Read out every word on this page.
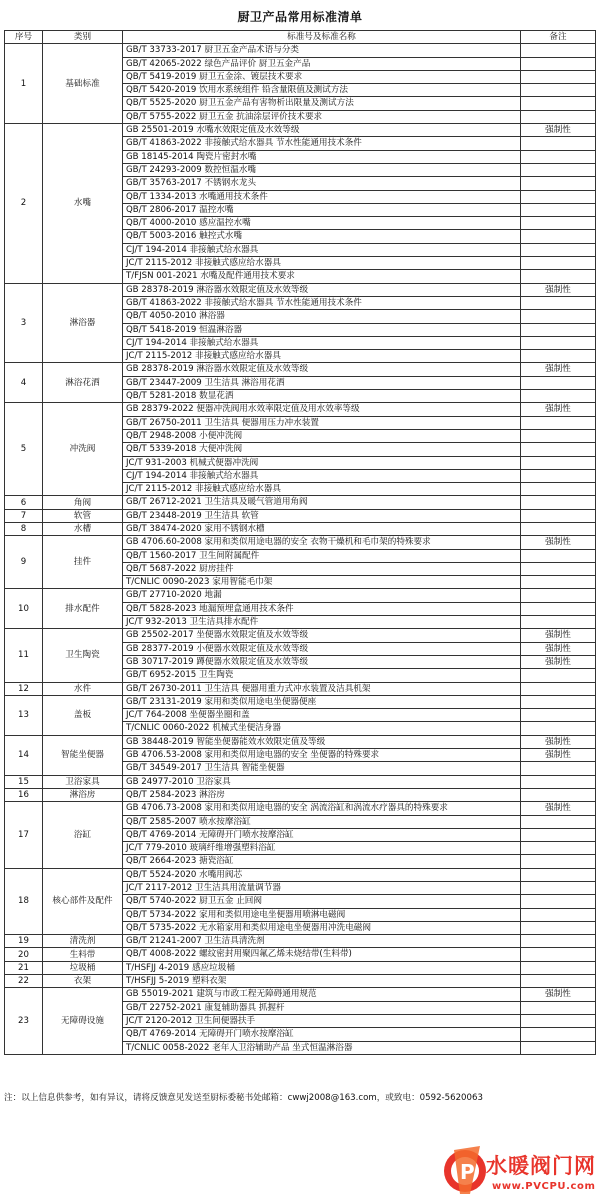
厨卫产品常用标准清单
序号	类别	标准号及标准名称	备注
1	基础标准	GB/T 33733-2017 厨卫五金产品术语与分类	
		GB/T 42065-2022 绿色产品评价 厨卫五金产品	
		QB/T 5419-2019 厨卫五金涂、镀层技术要求	
		QB/T 5420-2019 饮用水系统组件 铅含量限值及测试方法	
		QB/T 5525-2020 厨卫五金产品有害物析出限量及测试方法	
		QB/T 5755-2022 厨卫五金 抗油涂层评价技术要求	
2	水嘴	GB 25501-2019 水嘴水效限定值及水效等级	强制性
		GB/T 41863-2022 非接触式给水器具 节水性能通用技术条件	
		GB 18145-2014 陶瓷片密封水嘴	
		GB/T 24293-2009 数控恒温水嘴	
		GB/T 35763-2017 不锈钢水龙头	
		QB/T 1334-2013 水嘴通用技术条件	
		QB/T 2806-2017 温控水嘴	
		QB/T 4000-2010 感应温控水嘴	
		QB/T 5003-2016 触控式水嘴	
		CJ/T 194-2014 非接触式给水器具	
		JC/T 2115-2012 非接触式感应给水器具	
		T/FJSN 001-2021 水嘴及配件通用技术要求	
3	淋浴器	GB 28378-2019 淋浴器水效限定值及水效等级	强制性
		GB/T 41863-2022 非接触式给水器具 节水性能通用技术条件	
		QB/T 4050-2010 淋浴器	
		QB/T 5418-2019 恒温淋浴器	
		CJ/T 194-2014 非接触式给水器具	
		JC/T 2115-2012 非接触式感应给水器具	
4	淋浴花洒	GB 28378-2019 淋浴器水效限定值及水效等级	强制性
		GB/T 23447-2009 卫生洁具 淋浴用花洒	
		QB/T 5281-2018 数显花洒	
5	冲洗阀	GB 28379-2022 便器冲洗阀用水效率限定值及用水效率等级	强制性
		GB/T 26750-2011 卫生洁具 便器用压力冲水装置	
		QB/T 2948-2008 小便冲洗阀	
		QB/T 5339-2018 大便冲洗阀	
		JC/T 931-2003 机械式便器冲洗阀	
		CJ/T 194-2014 非接触式给水器具	
		JC/T 2115-2012 非接触式感应给水器具	
6	角阀	GB/T 26712-2021 卫生洁具及暖气管道用角阀	
7	软管	GB/T 23448-2019 卫生洁具 软管	
8	水槽	GB/T 38474-2020 家用不锈钢水槽	
9	挂件	GB 4706.60-2008 家用和类似用途电器的安全 衣物干燥机和毛巾架的特殊要求	强制性
		QB/T 1560-2017 卫生间附属配件	
		QB/T 5687-2022 厨房挂件	
		T/CNLIC 0090-2023 家用智能毛巾架	
10	排水配件	GB/T 27710-2020 地漏	
		QB/T 5828-2023 地漏预埋盒通用技术条件	
		JC/T 932-2013 卫生洁具排水配件	
11	卫生陶瓷	GB 25502-2017 坐便器水效限定值及水效等级	强制性
		GB 28377-2019 小便器水效限定值及水效等级	强制性
		GB 30717-2019 蹲便器水效限定值及水效等级	强制性
		GB/T 6952-2015 卫生陶瓷	
12	水件	GB/T 26730-2011 卫生洁具 便器用重力式冲水装置及洁具机架	
13	盖板	GB/T 23131-2019 家用和类似用途电坐便器便座	
		JC/T 764-2008 坐便器坐圈和盖	
		T/CNLIC 0060-2022 机械式坐便洁身器	
14	智能坐便器	GB 38448-2019 智能坐便器能效水效限定值及等级	强制性
		GB 4706.53-2008 家用和类似用途电器的安全 坐便器的特殊要求	强制性
		GB/T 34549-2017 卫生洁具 智能坐便器	
15	卫浴家具	GB 24977-2010 卫浴家具	
16	淋浴房	QB/T 2584-2023 淋浴房	
17	浴缸	GB 4706.73-2008 家用和类似用途电器的安全 涡流浴缸和涡流水疗器具的特殊要求	强制性
		QB/T 2585-2007 喷水按摩浴缸	
		QB/T 4769-2014 无障碍开门喷水按摩浴缸	
		JC/T 779-2010 玻璃纤维增强塑料浴缸	
		QB/T 2664-2023 搪瓷浴缸	
18	核心部件及配件	QB/T 5524-2020 水嘴用阀芯	
		JC/T 2117-2012 卫生洁具用流量调节器	
		QB/T 5740-2022 厨卫五金 止回阀	
		QB/T 5734-2022 家用和类似用途电坐便器用喷淋电磁阀	
		QB/T 5735-2022 无水箱家用和类似用途电坐便器用冲洗电磁阀	
19	清洗剂	GB/T 21241-2007 卫生洁具清洗剂	
20	生料带	QB/T 4008-2022 螺纹密封用聚四氟乙烯未烧结带(生料带)	
21	垃圾桶	T/HSFJJ 4-2019 感应垃圾桶	
22	衣架	T/HSFJJ 5-2019 塑料衣架	
23	无障碍设施	GB 55019-2021 建筑与市政工程无障碍通用规范	强制性
		GB/T 22752-2021 康复辅助器具 抓握杆	
		JC/T 2120-2012 卫生间便器扶手	
		QB/T 4769-2014 无障碍开门喷水按摩浴缸	
		T/CNLIC 0058-2022 老年人卫浴辅助产品 坐式恒温淋浴器	
注：以上信息供参考，如有异议，请将反馈意见发送至厨标委秘书处邮箱：cwwj2008@163.com，或致电：0592-5620063
P 水暖阀门网
www.PVCPU.com
